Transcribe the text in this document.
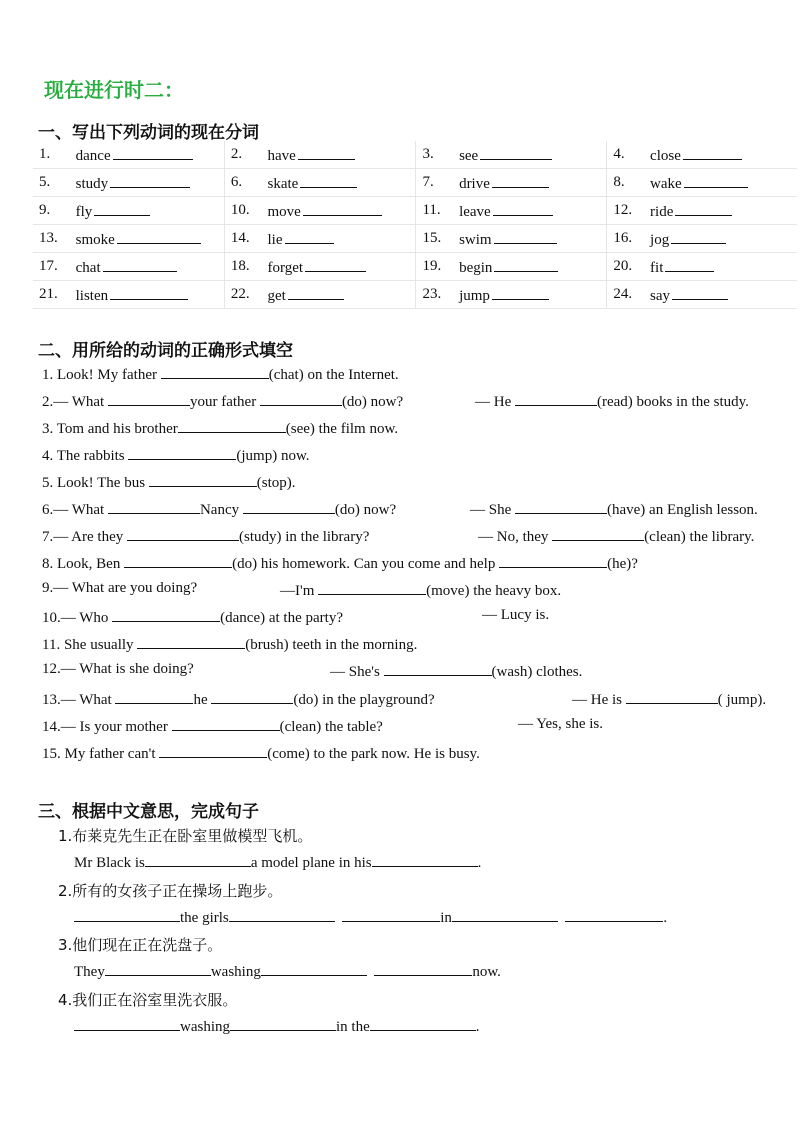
现在进行时二：
一、写出下列动词的现在分词
1.	dance	2.	have	3.	see	4.	close
5.	study	6.	skate	7.	drive	8.	wake
9.	fly	10.	move	11.	leave	12.	ride
13.	smoke	14.	lie	15.	swim	16.	jog
17.	chat	18.	forget	19.	begin	20.	fit
21.	listen	22.	get	23.	jump	24.	say
二、用所给的动词的正确形式填空
1. Look! My father	(chat) on the Internet.
2.— What	your father	(do) now?	— He	(read) books in the study.
3. Tom and his brother	(see) the film now.
4. The rabbits	(jump) now.
5. Look! The bus	(stop).
6.— What	Nancy	(do) now?	— She	(have) an English lesson.
7.— Are they	(study) in the library?	— No, they	(clean) the library.
8. Look, Ben	(do) his homework. Can you come and help	(he)?
9.— What are you doing?	—I'm	(move) the heavy box.
10.— Who	(dance) at the party?	— Lucy is.
11. She usually	(brush) teeth in the morning.
12.— What is she doing?	— She's	(wash) clothes.
13.— What	he	(do) in the playground?	— He is	( jump).
14.— Is your mother	(clean) the table?	— Yes, she is.
15. My father can't	(come) to the park now. He is busy.
三、根据中文意思，完成句子
1.布莱克先生正在卧室里做模型飞机。
Mr Black is	a model plane in his	.
2.所有的女孩子正在操场上跑步。
the girls	in	.
3.他们现在正在洗盘子。
They	washing	now.
4.我们正在浴室里洗衣服。
washing	in the	.
